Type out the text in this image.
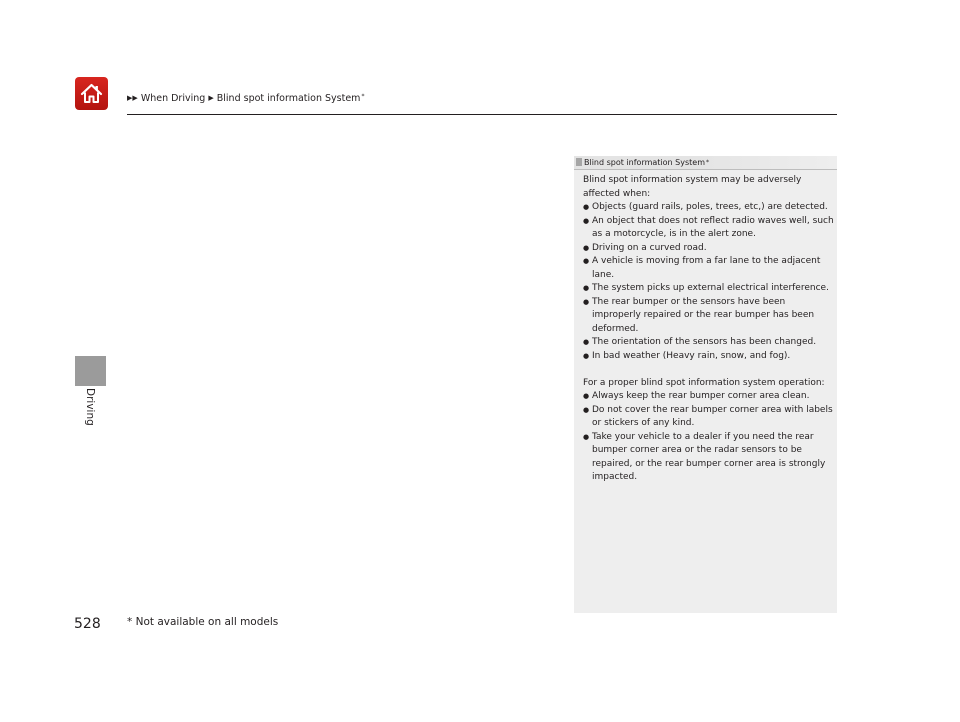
▶▶ When Driving ▶ Blind spot information System*
Driving
Blind spot information System*

Blind spot information system may be adversely affected when:

● Objects (guard rails, poles, trees, etc,) are detected.
● An object that does not reflect radio waves well, such as a motorcycle, is in the alert zone.
● Driving on a curved road.
● A vehicle is moving from a far lane to the adjacent lane.
● The system picks up external electrical interference.
● The rear bumper or the sensors have been improperly repaired or the rear bumper has been deformed.
● The orientation of the sensors has been changed.
● In bad weather (Heavy rain, snow, and fog).

For a proper blind spot information system operation:

● Always keep the rear bumper corner area clean.
● Do not cover the rear bumper corner area with labels or stickers of any kind.
● Take your vehicle to a dealer if you need the rear bumper corner area or the radar sensors to be repaired, or the rear bumper corner area is strongly impacted.
528	* Not available on all models
